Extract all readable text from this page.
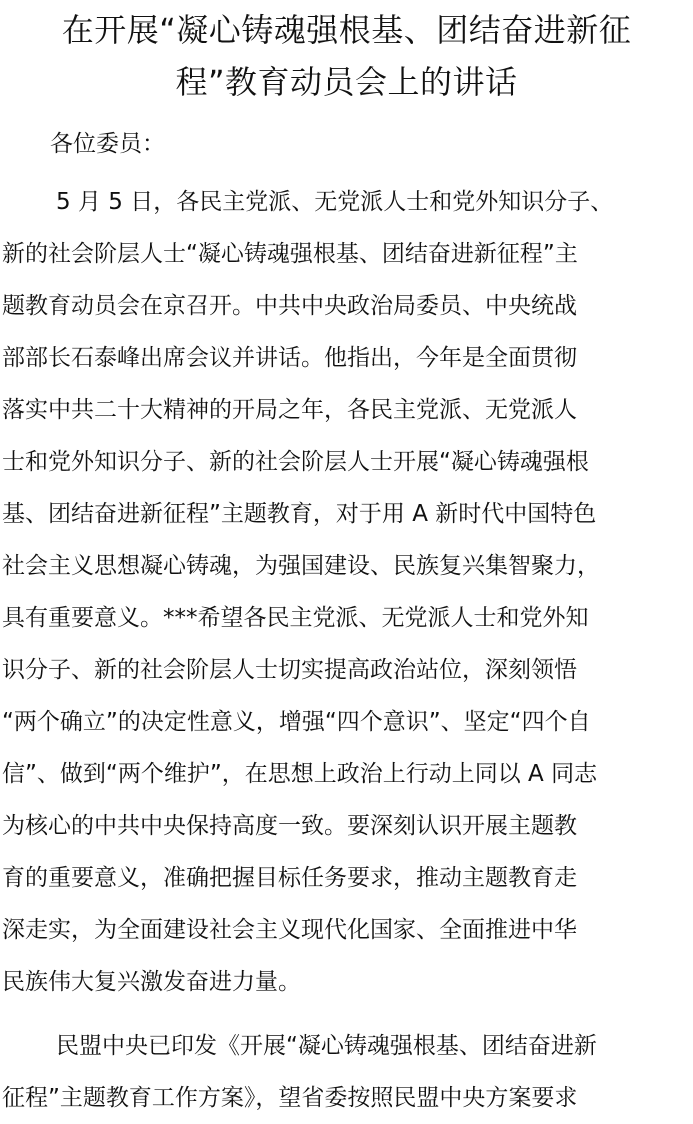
在开展“凝心铸魂强根基、团结奋进新征
程”教育动员会上的讲话
各位委员：
5 月 5 日，各民主党派、无党派人士和党外知识分子、
新的社会阶层人士“凝心铸魂强根基、团结奋进新征程”主
题教育动员会在京召开。中共中央政治局委员、中央统战
部部长石泰峰出席会议并讲话。他指出，今年是全面贯彻
落实中共二十大精神的开局之年，各民主党派、无党派人
士和党外知识分子、新的社会阶层人士开展“凝心铸魂强根
基、团结奋进新征程”主题教育，对于用 A 新时代中国特色
社会主义思想凝心铸魂，为强国建设、民族复兴集智聚力，
具有重要意义。***希望各民主党派、无党派人士和党外知
识分子、新的社会阶层人士切实提高政治站位，深刻领悟
“两个确立”的决定性意义，增强“四个意识”、坚定“四个自
信”、做到“两个维护”，在思想上政治上行动上同以 A 同志
为核心的中共中央保持高度一致。要深刻认识开展主题教
育的重要意义，准确把握目标任务要求，推动主题教育走
深走实，为全面建设社会主义现代化国家、全面推进中华
民族伟大复兴激发奋进力量。
民盟中央已印发《开展“凝心铸魂强根基、团结奋进新
征程”主题教育工作方案》，望省委按照民盟中央方案要求
